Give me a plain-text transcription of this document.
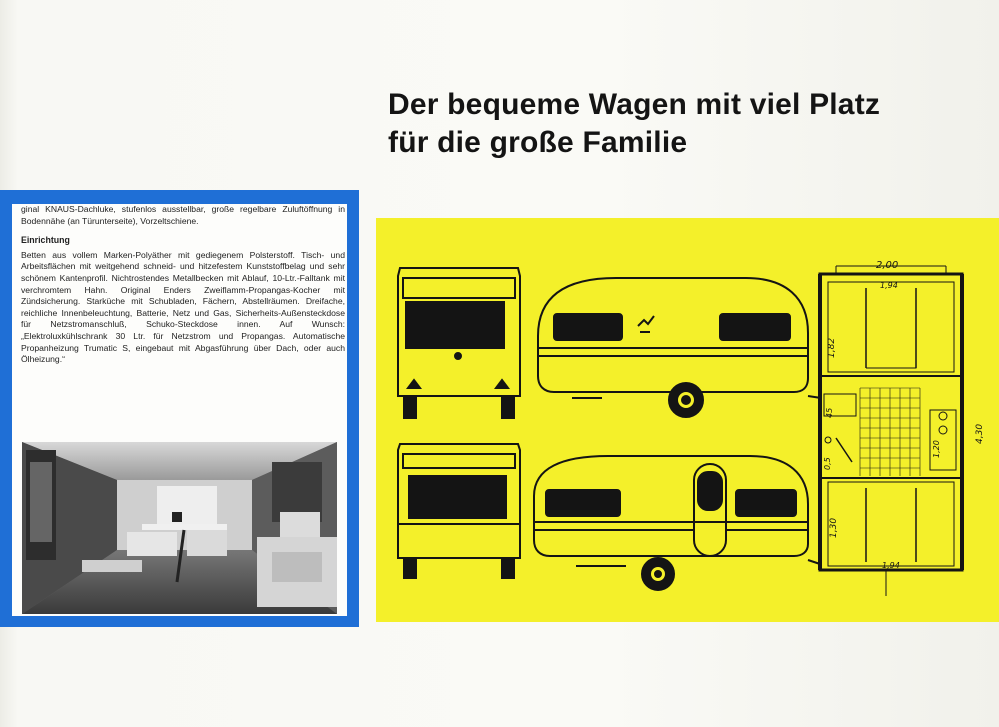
Der bequeme Wagen mit viel Platz
für die große Familie

ginal KNAUS-Dachluke, stufenlos ausstellbar, große regelbare Zuluftöffnung in Bodennähe (an Türunterseite), Vorzeltschiene.

Einrichtung

Betten aus vollem Marken-Polyäther mit gediegenem Polsterstoff. Tisch- und Arbeitsflächen mit weitgehend schneid- und hitzefestem Kunststoffbelag und sehr schönem Kantenprofil. Nichtrostendes Metallbecken mit Ablauf, 10-Ltr.-Falltank mit verchromtem Hahn. Original Enders Zweiflamm-Propangas-Kocher mit Zündsicherung. Starküche mit Schubladen, Fächern, Abstellräumen. Dreifache, reichliche Innenbeleuchtung, Batterie, Netz und Gas, Sicherheits-Außensteckdose für Netzstromanschluß, Schuko-Steckdose innen. Auf Wunsch: „Elektroluxkühlschrank 30 Ltr. für Netzstrom und Propangas. Automatische Propanheizung Trumatic S, eingebaut mit Abgasführung über Dach, oder auch Ölheizung.“

2,00
1,94
1,82
4,30
1,20
45
0,5
1,30
1,94
